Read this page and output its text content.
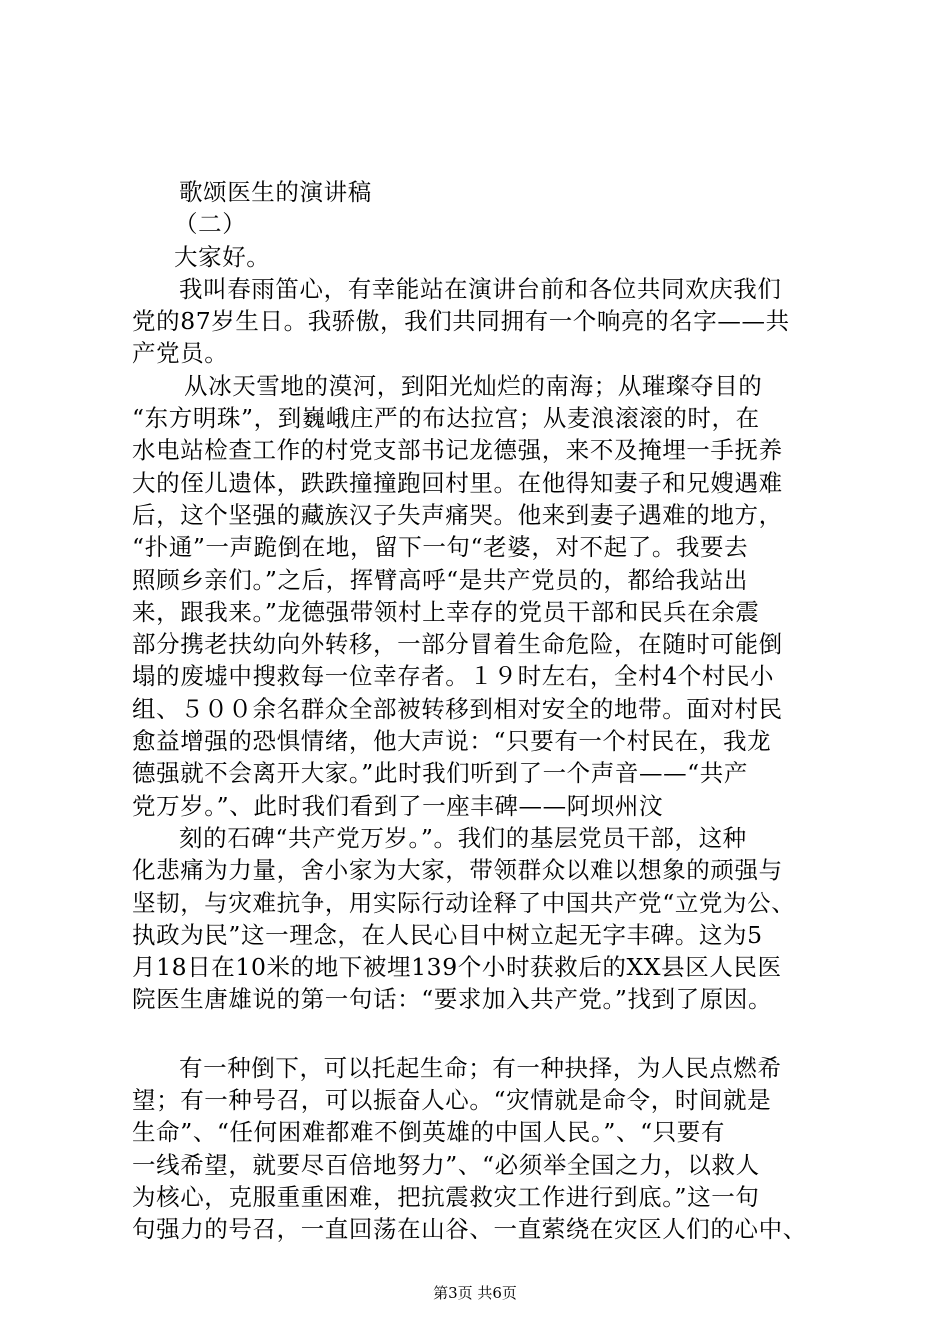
歌颂医生的演讲稿
（二）
大家好。
我叫春雨笛心，有幸能站在演讲台前和各位共同欢庆我们
党的87岁生日。我骄傲，我们共同拥有一个响亮的名字——共
产党员。
从冰天雪地的漠河，到阳光灿烂的南海；从璀璨夺目的
“东方明珠”，到巍峨庄严的布达拉宫；从麦浪滚滚的时，在
水电站检查工作的村党支部书记龙德强，来不及掩埋一手抚养
大的侄儿遗体，跌跌撞撞跑回村里。在他得知妻子和兄嫂遇难
后，这个坚强的藏族汉子失声痛哭。他来到妻子遇难的地方，
“扑通”一声跪倒在地，留下一句“老婆，对不起了。我要去
照顾乡亲们。”之后，挥臂高呼“是共产党员的，都给我站出
来，跟我来。”龙德强带领村上幸存的党员干部和民兵在余震
部分携老扶幼向外转移，一部分冒着生命危险，在随时可能倒
塌的废墟中搜救每一位幸存者。１９时左右，全村4个村民小
组、５００余名群众全部被转移到相对安全的地带。面对村民
愈益增强的恐惧情绪，他大声说：“只要有一个村民在，我龙
德强就不会离开大家。”此时我们听到了一个声音——“共产
党万岁。”、此时我们看到了一座丰碑——阿坝州汶
刻的石碑“共产党万岁。”。我们的基层党员干部，这种
化悲痛为力量，舍小家为大家，带领群众以难以想象的顽强与
坚韧，与灾难抗争，用实际行动诠释了中国共产党“立党为公、
执政为民”这一理念，在人民心目中树立起无字丰碑。这为5
月18日在10米的地下被埋139个小时获救后的XX县区人民医
院医生唐雄说的第一句话：“要求加入共产党。”找到了原因。
有一种倒下，可以托起生命；有一种抉择，为人民点燃希
望；有一种号召，可以振奋人心。“灾情就是命令，时间就是
生命”、“任何困难都难不倒英雄的中国人民。”、“只要有
一线希望，就要尽百倍地努力”、“必须举全国之力，以救人
为核心，克服重重困难，把抗震救灾工作进行到底。”这一句
句强力的号召，一直回荡在山谷、一直萦绕在灾区人们的心中、
第3页 共6页
